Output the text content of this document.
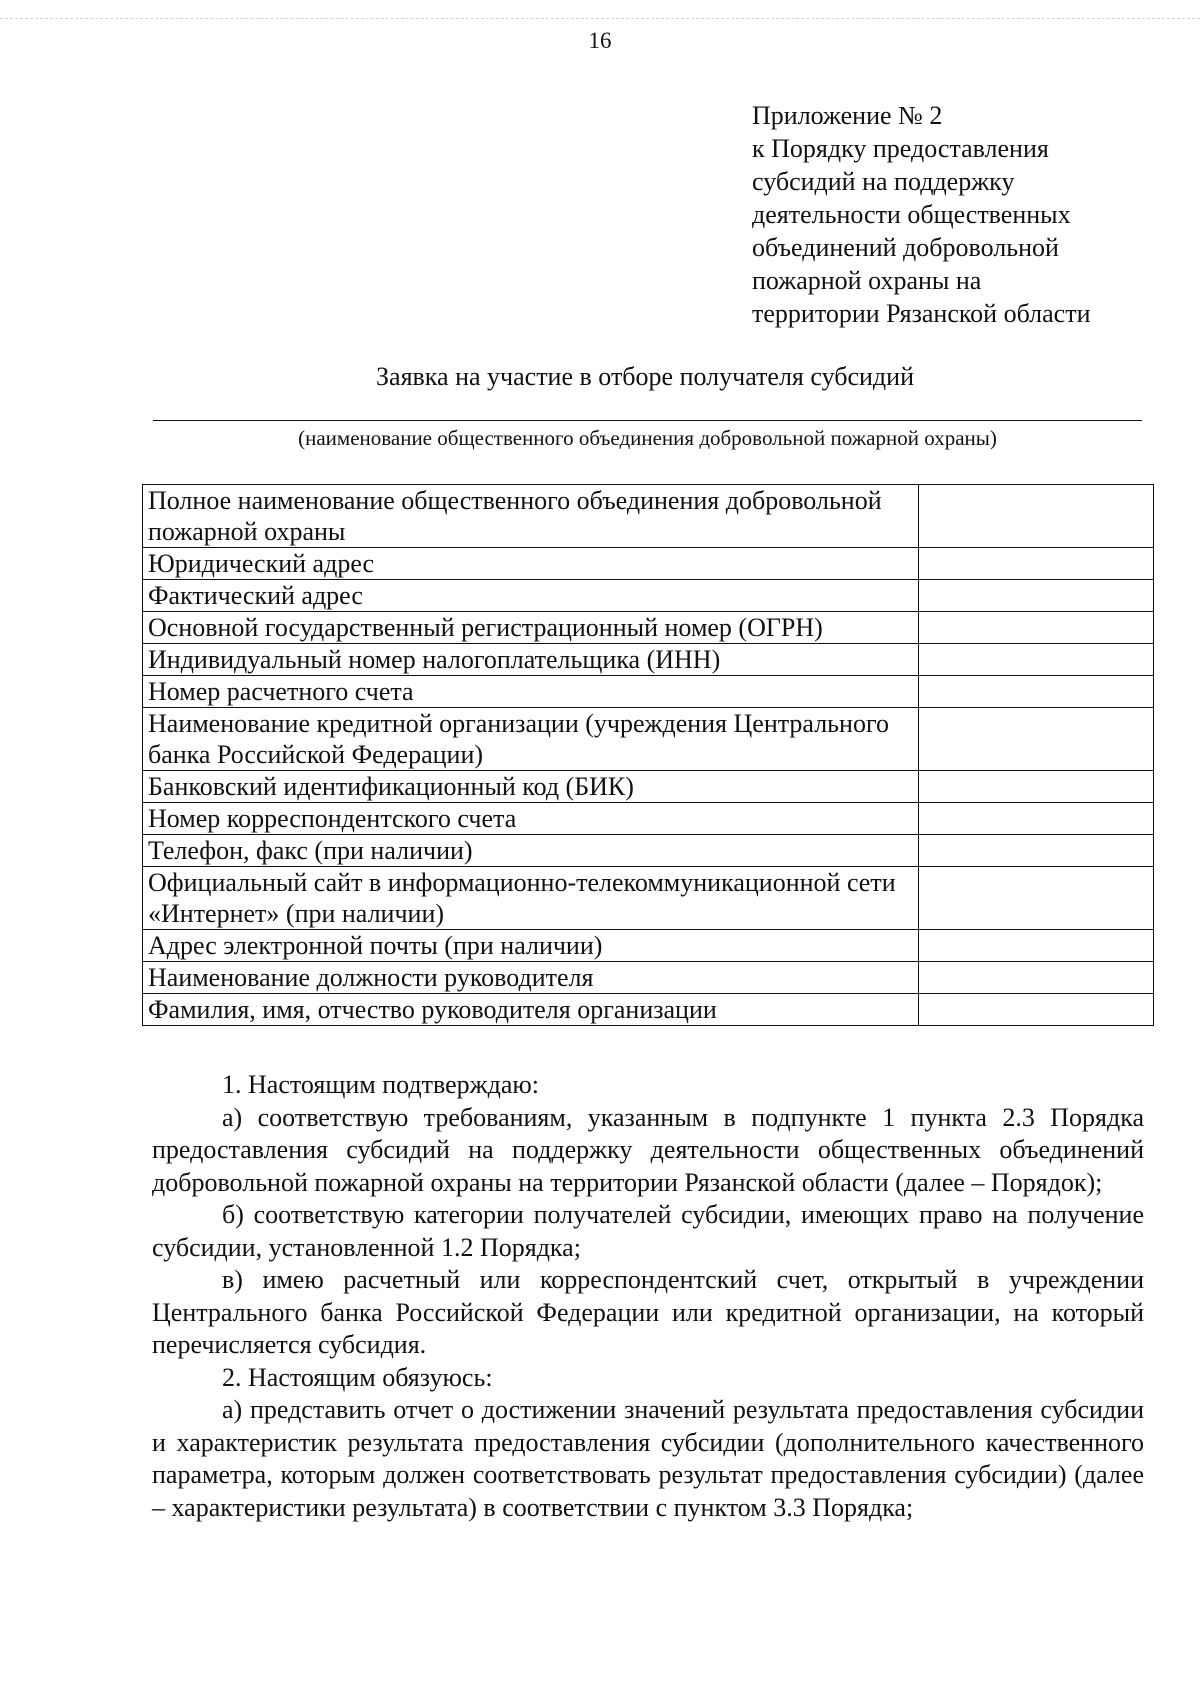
16
Приложение № 2
к Порядку предоставления
субсидий на поддержку
деятельности общественных
объединений добровольной
пожарной охраны на
территории Рязанской области
Заявка на участие в отборе получателя субсидий
(наименование общественного объединения добровольной пожарной охраны)
Полное наименование общественного объединения добровольной пожарной охраны	
Юридический адрес	
Фактический адрес	
Основной государственный регистрационный номер (ОГРН)	
Индивидуальный номер налогоплательщика (ИНН)	
Номер расчетного счета	
Наименование кредитной организации (учреждения Центрального банка Российской Федерации)	
Банковский идентификационный код (БИК)	
Номер корреспондентского счета	
Телефон, факс (при наличии)	
Официальный сайт в информационно-телекоммуникационной сети «Интернет» (при наличии)	
Адрес электронной почты (при наличии)	
Наименование должности руководителя	
Фамилия, имя, отчество руководителя организации	

1. Настоящим подтверждаю:

а) соответствую требованиям, указанным в подпункте 1 пункта 2.3 Порядка предоставления субсидий на поддержку деятельности общественных объединений добровольной пожарной охраны на территории Рязанской области (далее – Порядок);

б) соответствую категории получателей субсидии, имеющих право на получение субсидии, установленной 1.2 Порядка;

в) имею расчетный или корреспондентский счет, открытый в учреждении Центрального банка Российской Федерации или кредитной организации, на который перечисляется субсидия.

2. Настоящим обязуюсь:

а) представить отчет о достижении значений результата предоставления субсидии и характеристик результата предоставления субсидии (дополнительного качественного параметра, которым должен соответствовать результат предоставления субсидии) (далее – характеристики результата) в соответствии с пунктом 3.3 Порядка;
